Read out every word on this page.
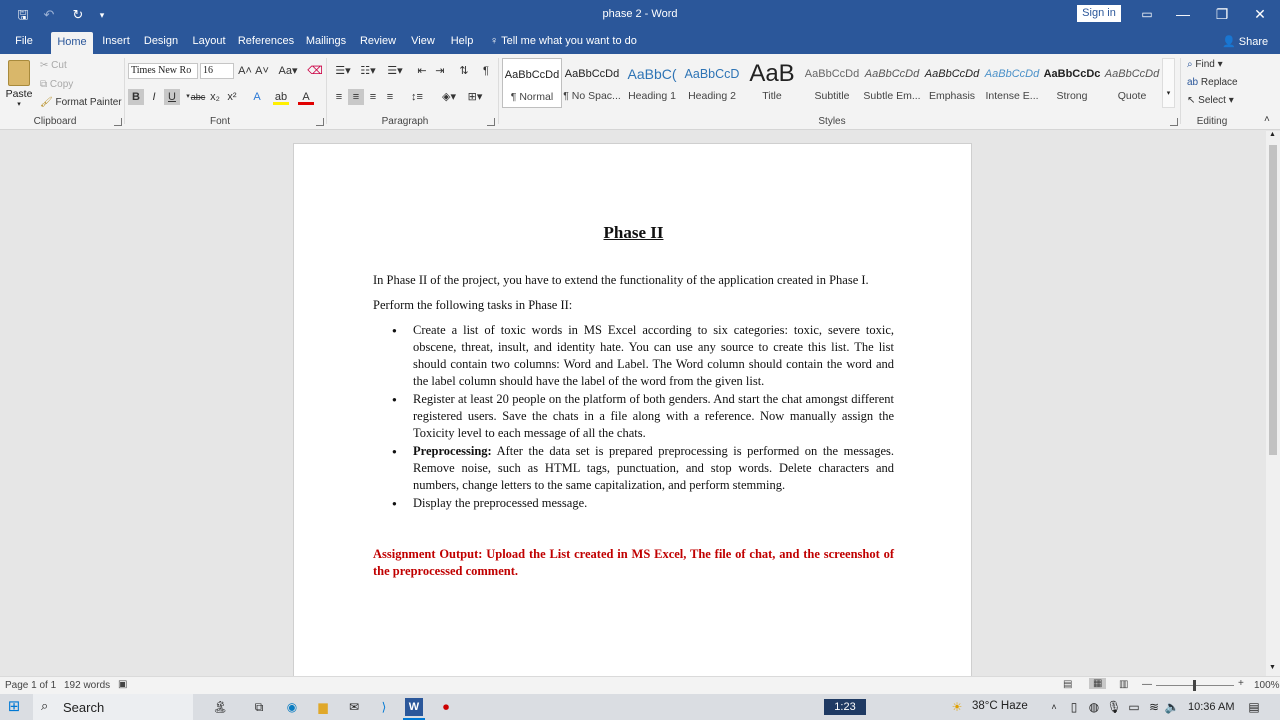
🖫 ↶ ↻	▾	phase 2 - Word	Sign in	▭	—	❐	✕
File	Home	Insert	Design	Layout	References	Mailings	Review	View	Help	♀ Tell me what you want to do	👤 Share
Paste
▾
✂ Cut
⧉ Copy
🖌 Format Painter
Clipboard
Times New Ro	16	A˄ A˅ Aa▾ ⌫
B	I	U	▾ abc x₂ x²	A	ab	A
Font
☰▾ ☷▾	☰▾	⇤ ⇥	⇅	¶
≡ ≡ ≡ ≡	↕≡	◈▾	⊞▾
Paragraph
AaBbCcDd
¶ Normal
AaBbCcDd
¶ No Spac...
AaBbC(
Heading 1
AaBbCcD
Heading 2
AaB
Title
AaBbCcDd
Subtitle
AaBbCcDd
Subtle Em...
AaBbCcDd
Emphasis
AaBbCcDd
Intense E...
AaBbCcDc
Strong
AaBbCcDd
Quote	▾
Styles
⌕ Find ▾
ab Replace
↖ Select ▾
Editing	˄
Phase II

In Phase II of the project, you have to extend the functionality of the application created in Phase I.

Perform the following tasks in Phase II:

● Create a list of toxic words in MS Excel according to six categories: toxic, severe toxic, obscene, threat, insult, and identity hate. You can use any source to create this list. The list should contain two columns: Word and Label. The Word column should contain the word and the label column should have the label of the word from the given list.
● Register at least 20 people on the platform of both genders. And start the chat amongst different registered users. Save the chats in a file along with a reference. Now manually assign the Toxicity level to each message of all the chats.
● Preprocessing: After the data set is prepared preprocessing is performed on the messages. Remove noise, such as HTML tags, punctuation, and stop words. Delete characters and numbers, change letters to the same capitalization, and perform stemming.
● Display the preprocessed message.

Assignment Output: Upload the List created in MS Excel, The file of chat, and the screenshot of the preprocessed comment.

▲
▼
Page 1 of 1 192 words ▣	▤	▦	▥ —	+ 100%
⊞ ⌕ Search	🏝	⧉	◉	▆	✉	⟩	W	⏺	1:23	☀ 38°C Haze	˄	▯ ◍ 🎙 ▭ ≋ 🔈 10:36 AM ▤
